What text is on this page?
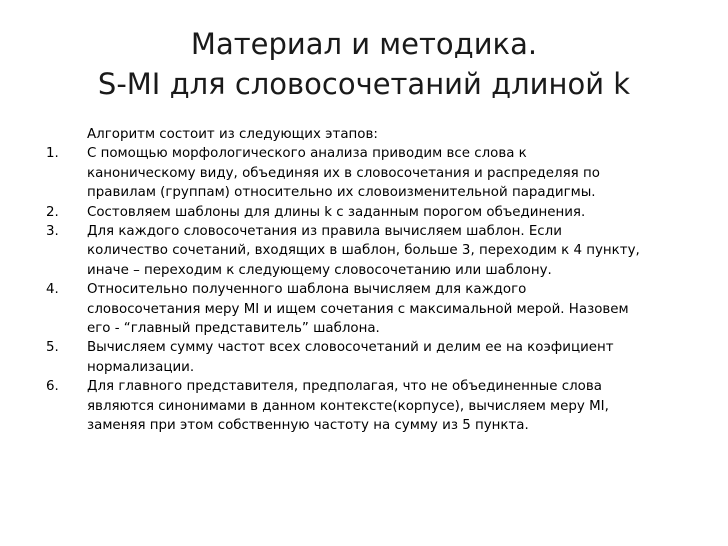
Материал и методика.
S-MI для словосочетаний длиной k
Алгоритм состоит из следующих этапов:
1.	С помощью морфологического анализа приводим все слова к
каноническому виду, объединяя их в словосочетания и распределяя по
правилам (группам) относительно их словоизменительной парадигмы.
2.	Состовляем шаблоны для длины k с заданным порогом объединения.
3.	Для каждого словосочетания из правила вычисляем шаблон. Если
количество сочетаний, входящих в шаблон, больше 3, переходим к 4 пункту,
иначе – переходим к следующему словосочетанию или шаблону.
4.	Относительно полученного шаблона вычисляем для каждого
словосочетания меру MI и ищем сочетания с максимальной мерой. Назовем
его - “главный представитель” шаблона.
5.	Вычисляем сумму частот всех словосочетаний и делим ее на коэфициент
нормализации.
6.	Для главного представителя, предполагая, что не объединенные слова
являются синонимами в данном контексте(корпусе), вычисляем меру MI,
заменяя при этом собственную частоту на сумму из 5 пункта.
